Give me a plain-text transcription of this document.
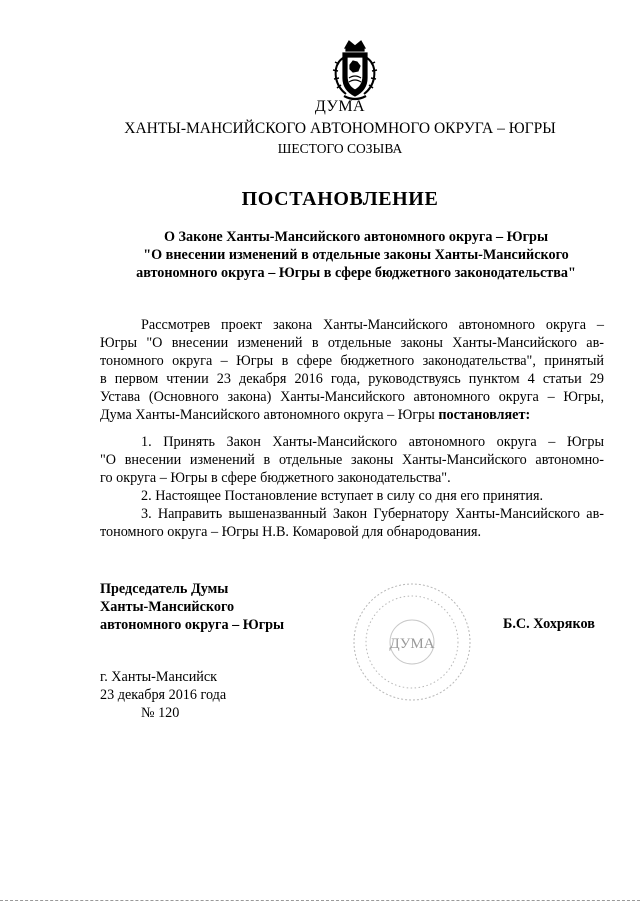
ДУМА
ХАНТЫ-МАНСИЙСКОГО АВТОНОМНОГО ОКРУГА – ЮГРЫ
ШЕСТОГО СОЗЫВА
ПОСТАНОВЛЕНИЕ
О Законе Ханты-Мансийского автономного округа – Югры
"О внесении изменений в отдельные законы Ханты-Мансийского
автономного округа – Югры в сфере бюджетного законодательства"
Рассмотрев проект закона Ханты-Мансийского автономного округа –
Югры "О внесении изменений в отдельные законы Ханты-Мансийского ав-
тономного округа – Югры в сфере бюджетного законодательства", принятый
в первом чтении 23 декабря 2016 года, руководствуясь пунктом 4 статьи 29
Устава (Основного закона) Ханты-Мансийского автономного округа – Югры,
Дума Ханты-Мансийского автономного округа – Югры постановляет:
1. Принять Закон Ханты-Мансийского автономного округа – Югры
"О внесении изменений в отдельные законы Ханты-Мансийского автономно-
го округа – Югры в сфере бюджетного законодательства".
2. Настоящее Постановление вступает в силу со дня его принятия.
3. Направить вышеназванный Закон Губернатору Ханты-Мансийского ав-
тономного округа – Югры Н.В. Комаровой для обнародования.
Председатель Думы
Ханты-Мансийского
автономного округа – Югры
ДУМА
Б.С. Хохряков
г. Ханты-Мансийск
23 декабря 2016 года
№ 120
